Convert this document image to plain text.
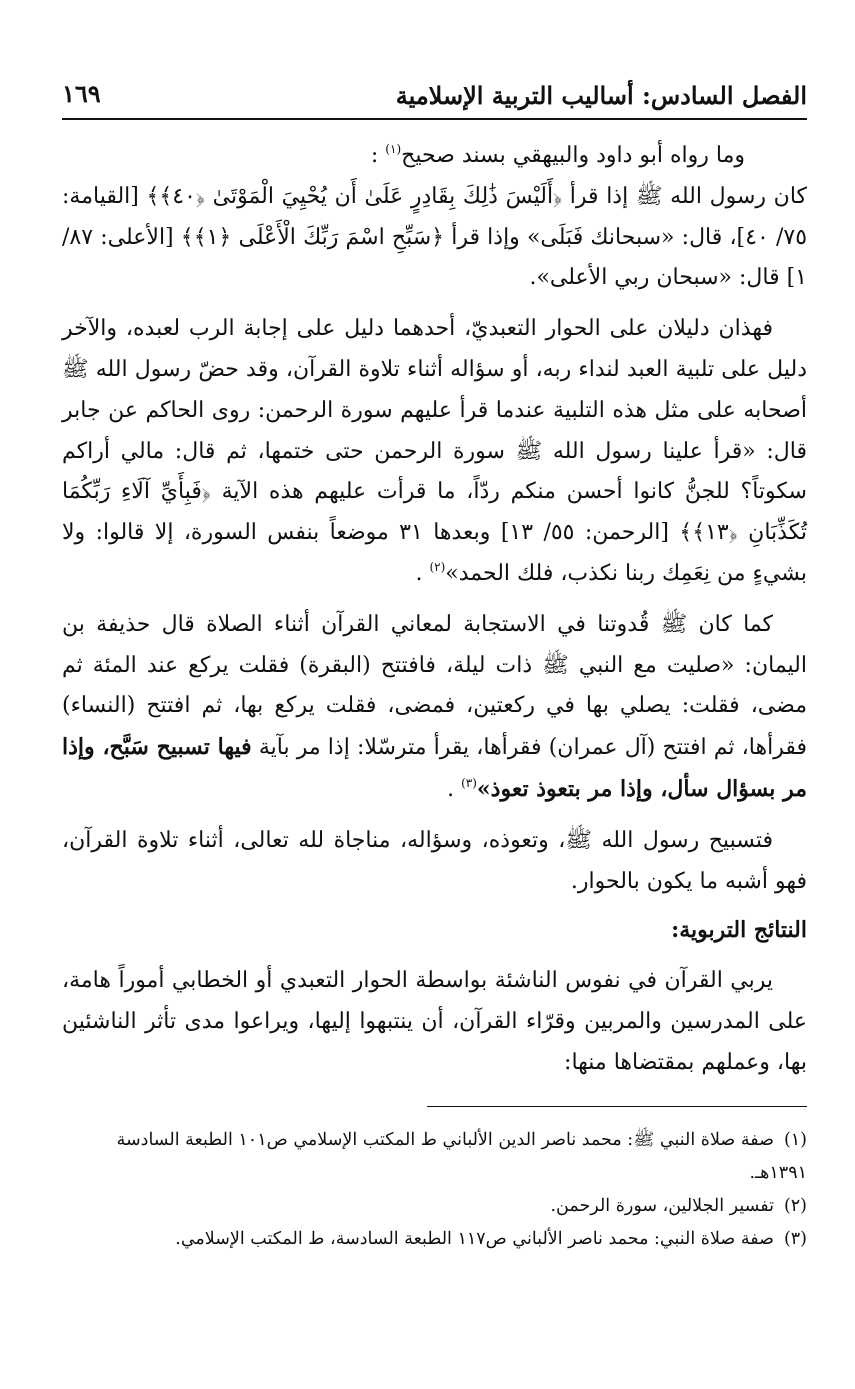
الفصل السادس: أساليب التربية الإسلامية
١٦٩

وما رواه أبو داود والبيهقي بسند صحيح$^{(١)}$ :

كان رسول الله ﷺ إذا قرأ ﴿أَلَيْسَ ذَٰلِكَ بِقَادِرٍ عَلَىٰ أَن يُحْيِيَ الْمَوْتَىٰ ﴿٤٠﴾﴾ [القيامة: ٧٥/ ٤٠]، قال: «سبحانك فَبَلَى» وإذا قرأ ﴿سَبِّحِ اسْمَ رَبِّكَ الْأَعْلَى ﴿١﴾﴾ [الأعلى: ٨٧/ ١] قال: «سبحان ربي الأعلى».

فهذان دليلان على الحوار التعبديّ، أحدهما دليل على إجابة الرب لعبده، والآخر دليل على تلبية العبد لنداء ربه، أو سؤاله أثناء تلاوة القرآن، وقد حضّ رسول الله ﷺ أصحابه على مثل هذه التلبية عندما قرأ عليهم سورة الرحمن: روى الحاكم عن جابر قال: «قرأ علينا رسول الله ﷺ سورة الرحمن حتى ختمها، ثم قال: مالي أراكم سكوتاً؟ للجنُّ كانوا أحسن منكم ردّاً، ما قرأت عليهم هذه الآية ﴿فَبِأَيِّ آلَاءِ رَبِّكُمَا تُكَذِّبَانِ ﴿١٣﴾﴾ [الرحمن: ٥٥/ ١٣] وبعدها ٣١ موضعاً بنفس السورة، إلا قالوا: ولا بشيءٍ من نِعَمِك ربنا نكذب، فلك الحمد»$^{(٢)}$ .

كما كان ﷺ قُدوتنا في الاستجابة لمعاني القرآن أثناء الصلاة قال حذيفة بن اليمان: «صليت مع النبي ﷺ ذات ليلة، فافتتح (البقرة) فقلت يركع عند المئة ثم مضى، فقلت: يصلي بها في ركعتين، فمضى، فقلت يركع بها، ثم افتتح (النساء) فقرأها، ثم افتتح (آل عمران) فقرأها، يقرأ مترسّلا: إذا مر بآية فيها تسبيح سَبَّح، وإذا مر بسؤال سأل، وإذا مر بتعوذ تعوذ»$^{(٣)}$ .

فتسبيح رسول الله ﷺ، وتعوذه، وسؤاله، مناجاة لله تعالى، أثناء تلاوة القرآن، فهو أشبه ما يكون بالحوار.

النتائج التربوية:

يربي القرآن في نفوس الناشئة بواسطة الحوار التعبدي أو الخطابي أموراً هامة، على المدرسين والمربين وقرّاء القرآن، أن ينتبهوا إليها، ويراعوا مدى تأثر الناشئين بها، وعملهم بمقتضاها منها:

(١)صفة صلاة النبي ﷺ: محمد ناصر الدين الألباني ط المكتب الإسلامي ص١٠١ الطبعة السادسة ١٣٩١هـ.

(٢)تفسير الجلالين، سورة الرحمن.

(٣)صفة صلاة النبي: محمد ناصر الألباني ص١١٧ الطبعة السادسة، ط المكتب الإسلامي.
